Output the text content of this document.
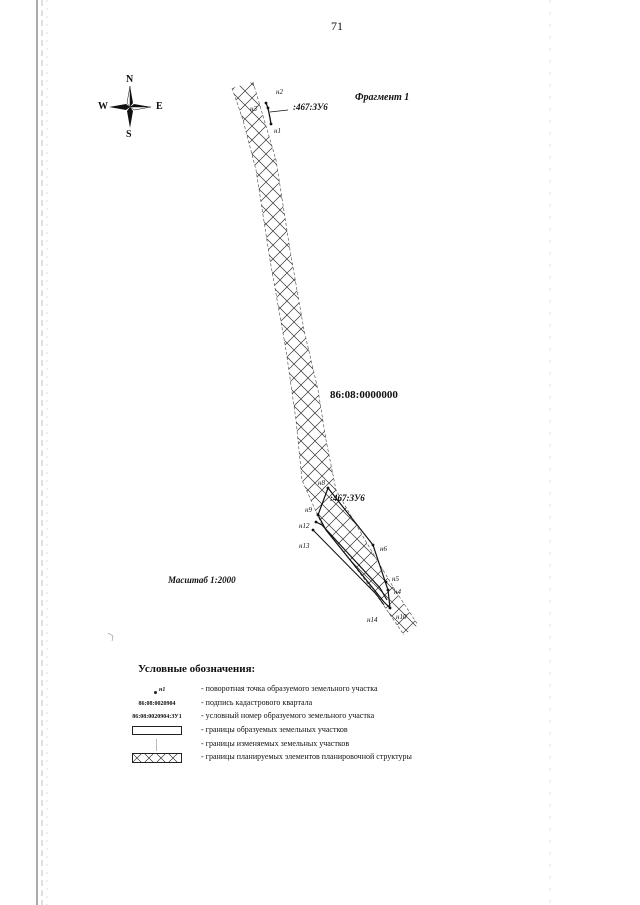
71
N
S
W	E
Фрагмент 1
:467:ЗУ6
:467:ЗУ6
86:08:0000000
н2
н3
н1
н8
н9
н12
н13	н6
н5
н4
н10
н14
Масштаб 1:2000
Условные обозначения:
н1	- поворотная точка образуемого земельного участка
86:08:0020904	- подпись кадастрового квартала
86:08:0020904:ЗУ1	- условный номер образуемого земельного участка
- границы образуемых земельных участков
- границы изменяемых земельных участков
- границы планируемых элементов планировочной структуры
